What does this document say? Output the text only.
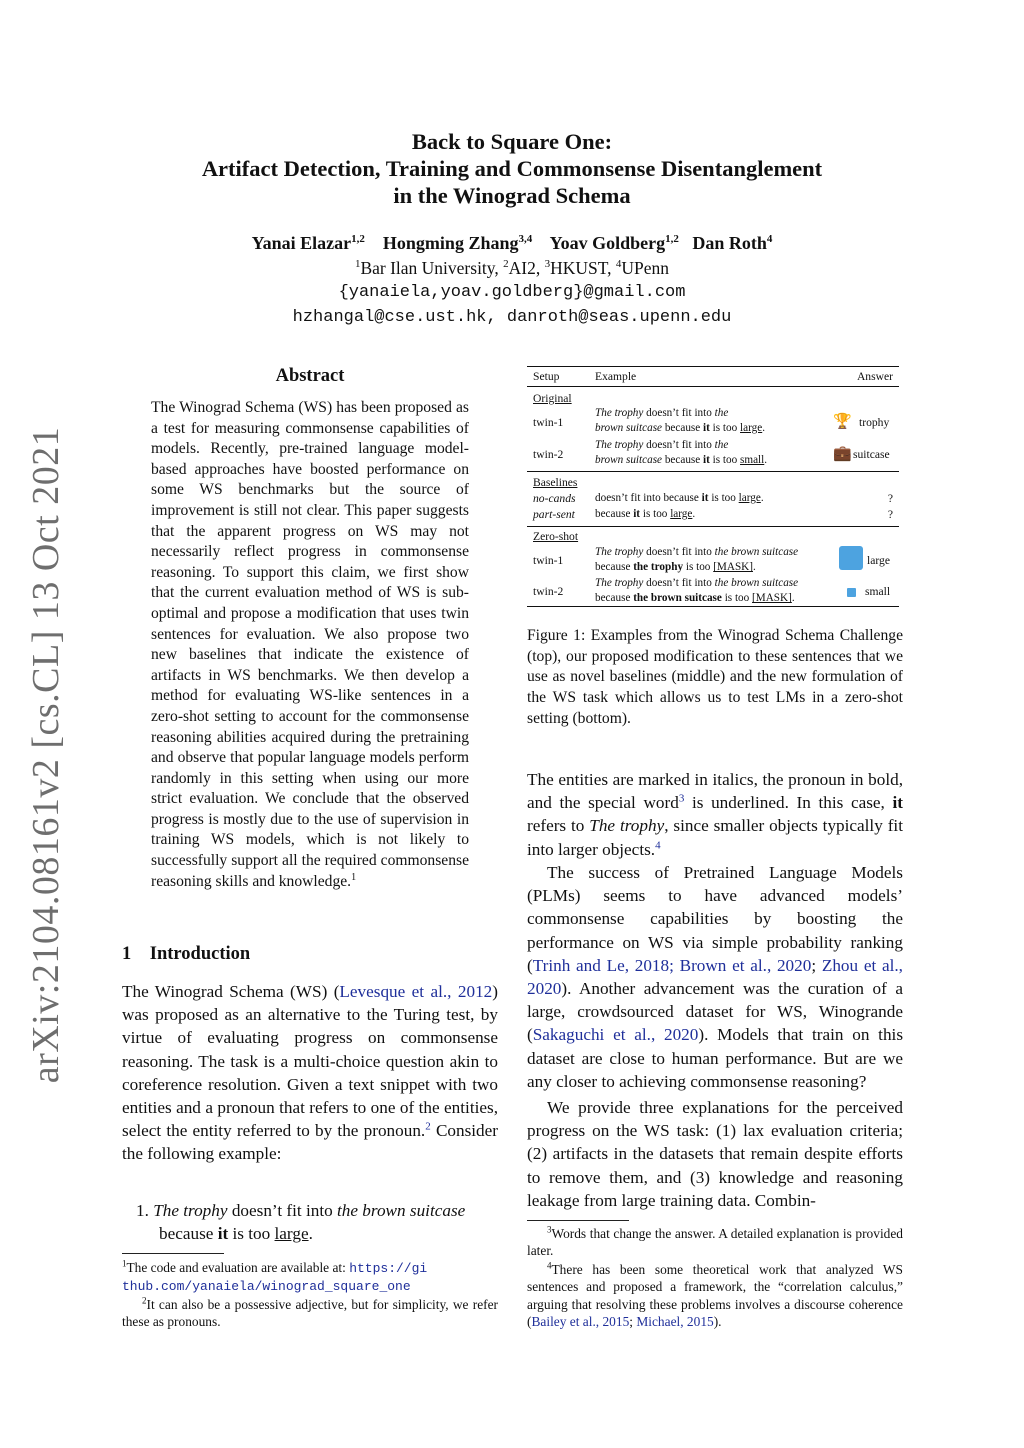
arXiv:2104.08161v2 [cs.CL] 13 Oct 2021
Back to Square One:
Artifact Detection, Training and Commonsense Disentanglement
in the Winograd Schema
Yanai Elazar$^{1,2}$ Hongming Zhang$^{3,4}$ Yoav Goldberg$^{1,2}$ Dan Roth$^4$
$^1$Bar Ilan University, $^2$AI2, $^3$HKUST, $^4$UPenn
{yanaiela,yoav.goldberg}@gmail.com
hzhangal@cse.ust.hk, danroth@seas.upenn.edu
Abstract
The Winograd Schema (WS) has been proposed as a test for measuring commonsense capabilities of models. Recently, pre-trained language model-based approaches have boosted performance on some WS benchmarks but the source of improvement is still not clear. This paper suggests that the apparent progress on WS may not necessarily reflect progress in commonsense reasoning. To support this claim, we first show that the current evaluation method of WS is sub-optimal and propose a modification that uses twin sentences for evaluation. We also propose two new baselines that indicate the existence of artifacts in WS benchmarks. We then develop a method for evaluating WS-like sentences in a zero-shot setting to account for the commonsense reasoning abilities acquired during the pretraining and observe that popular language models perform randomly in this setting when using our more strict evaluation. We conclude that the observed progress is mostly due to the use of supervision in training WS models, which is not likely to successfully support all the required commonsense reasoning skills and knowledge.$^1$
1 Introduction
The Winograd Schema (WS) (Levesque et al., 2012) was proposed as an alternative to the Turing test, by virtue of evaluating progress on commonsense reasoning. The task is a multi-choice question akin to coreference resolution. Given a text snippet with two entities and a pronoun that refers to one of the entities, select the entity referred to by the pronoun.$^2$ Consider the following example:
1. The trophy doesn’t fit into the brown suitcase
because it is too large.
$^1$The code and evaluation are available at: https://gi
thub.com/yanaiela/winograd_square_one
$^2$It can also be a possessive adjective, but for simplicity, we refer these as pronouns.
Setup	Example	Answer
Original
twin-1
The trophy doesn’t fit into the
brown suitcase because it is too large.	🏆 trophy
twin-2
The trophy doesn’t fit into the
brown suitcase because it is too small.	💼 suitcase
Baselines
no-cands doesn’t fit into because it is too large.	?
part-sent because it is too large.	?
Zero-shot
twin-1
The trophy doesn’t fit into the brown suitcase
because the trophy is too [MASK].	large
twin-2
The trophy doesn’t fit into the brown suitcase
because the brown suitcase is too [MASK].	small
Figure 1: Examples from the Winograd Schema Challenge (top), our proposed modification to these sentences that we use as novel baselines (middle) and the new formulation of the WS task which allows us to test LMs in a zero-shot setting (bottom).
The entities are marked in italics, the pronoun in bold, and the special word$^3$ is underlined. In this case, it refers to The trophy, since smaller objects typically fit into larger objects.$^4$
The success of Pretrained Language Models (PLMs) seems to have advanced models’ commonsense capabilities by boosting the performance on WS via simple probability ranking (Trinh and Le, 2018; Brown et al., 2020; Zhou et al., 2020). Another advancement was the curation of a large, crowdsourced dataset for WS, Winogrande (Sakaguchi et al., 2020). Models that train on this dataset are close to human performance. But are we any closer to achieving commonsense reasoning?
We provide three explanations for the perceived progress on the WS task: (1) lax evaluation criteria; (2) artifacts in the datasets that remain despite efforts to remove them, and (3) knowledge and reasoning leakage from large training data. Combin-
$^3$Words that change the answer. A detailed explanation is provided later.
$^4$There has been some theoretical work that analyzed WS sentences and proposed a framework, the “correlation calculus,” arguing that resolving these problems involves a discourse coherence (Bailey et al., 2015; Michael, 2015).
